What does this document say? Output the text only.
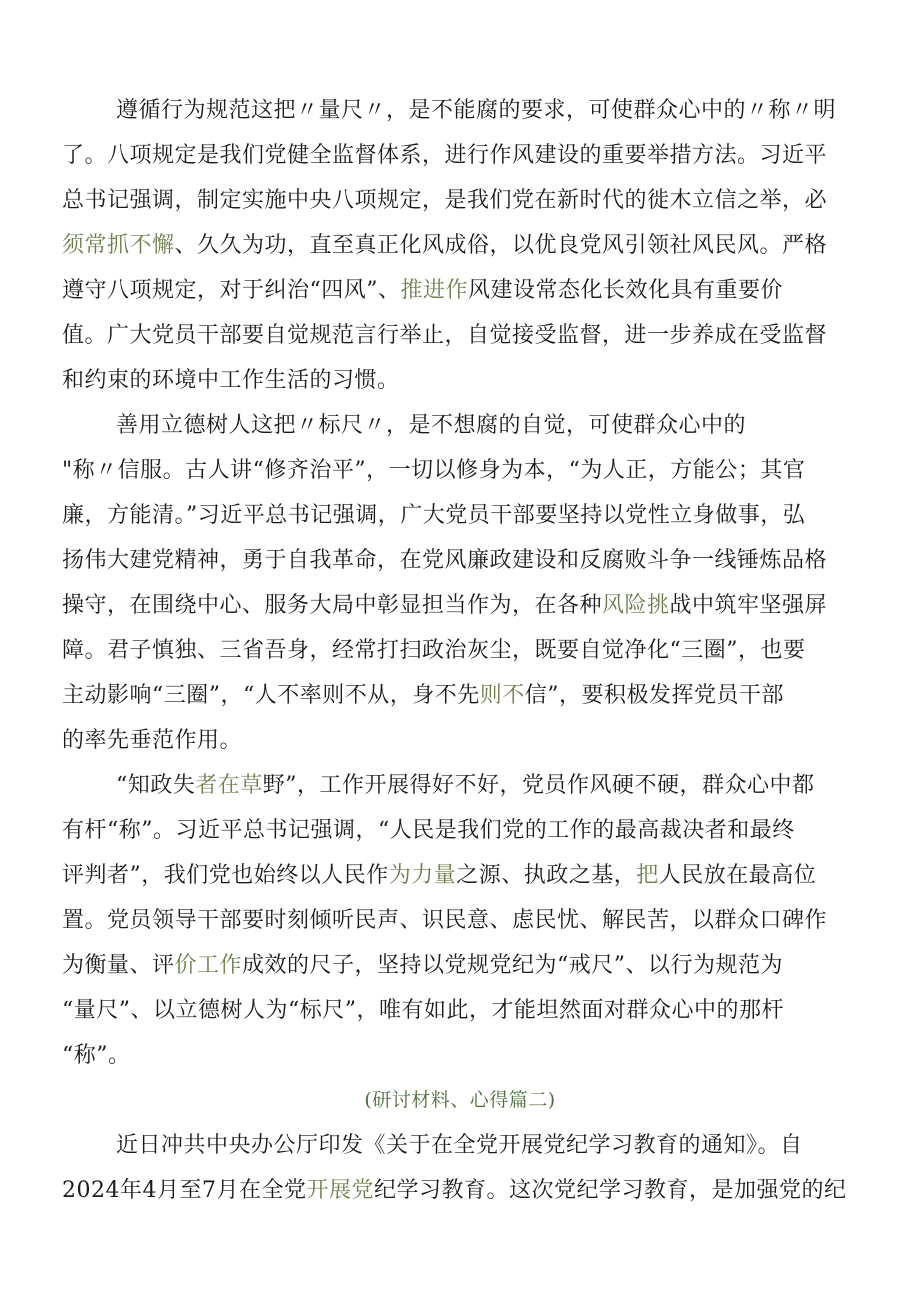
遵循行为规范这把〃量尺〃，是不能腐的要求，可使群众心中的〃称〃明
了。八项规定是我们党健全监督体系，进行作风建设的重要举措方法。习近平
总书记强调，制定实施中央八项规定，是我们党在新时代的徙木立信之举，必
须常抓不懈、久久为功，直至真正化风成俗，以优良党风引领社风民风。严格
遵守八项规定，对于纠治“四风”、推进作风建设常态化长效化具有重要价
值。广大党员干部要自觉规范言行举止，自觉接受监督，进一步养成在受监督
和约束的环境中工作生活的习惯。
善用立德树人这把〃标尺〃，是不想腐的自觉，可使群众心中的
"称〃信服。古人讲“修齐治平”，一切以修身为本，“为人正，方能公；其官
廉，方能清。”习近平总书记强调，广大党员干部要坚持以党性立身做事，弘
扬伟大建党精神，勇于自我革命，在党风廉政建设和反腐败斗争一线锤炼品格
操守，在围绕中心、服务大局中彰显担当作为，在各种风险挑战中筑牢坚强屏
障。君子慎独、三省吾身，经常打扫政治灰尘，既要自觉净化“三圈”，也要
主动影响“三圈”，“人不率则不从，身不先则不信”，要积极发挥党员干部
的率先垂范作用。
“知政失者在草野”，工作开展得好不好，党员作风硬不硬，群众心中都
有杆“称”。习近平总书记强调，“人民是我们党的工作的最高裁决者和最终
评判者”，我们党也始终以人民作为力量之源、执政之基，把人民放在最高位
置。党员领导干部要时刻倾听民声、识民意、虑民忧、解民苦，以群众口碑作
为衡量、评价工作成效的尺子，坚持以党规党纪为“戒尺”、以行为规范为
“量尺”、以立德树人为“标尺”，唯有如此，才能坦然面对群众心中的那杆
“称”。
(研讨材料、心得篇二)
近日冲共中央办公厅印发《关于在全党开展党纪学习教育的通知》。自
2024年4月至7月在全党开展党纪学习教育。这次党纪学习教育，是加强党的纪
